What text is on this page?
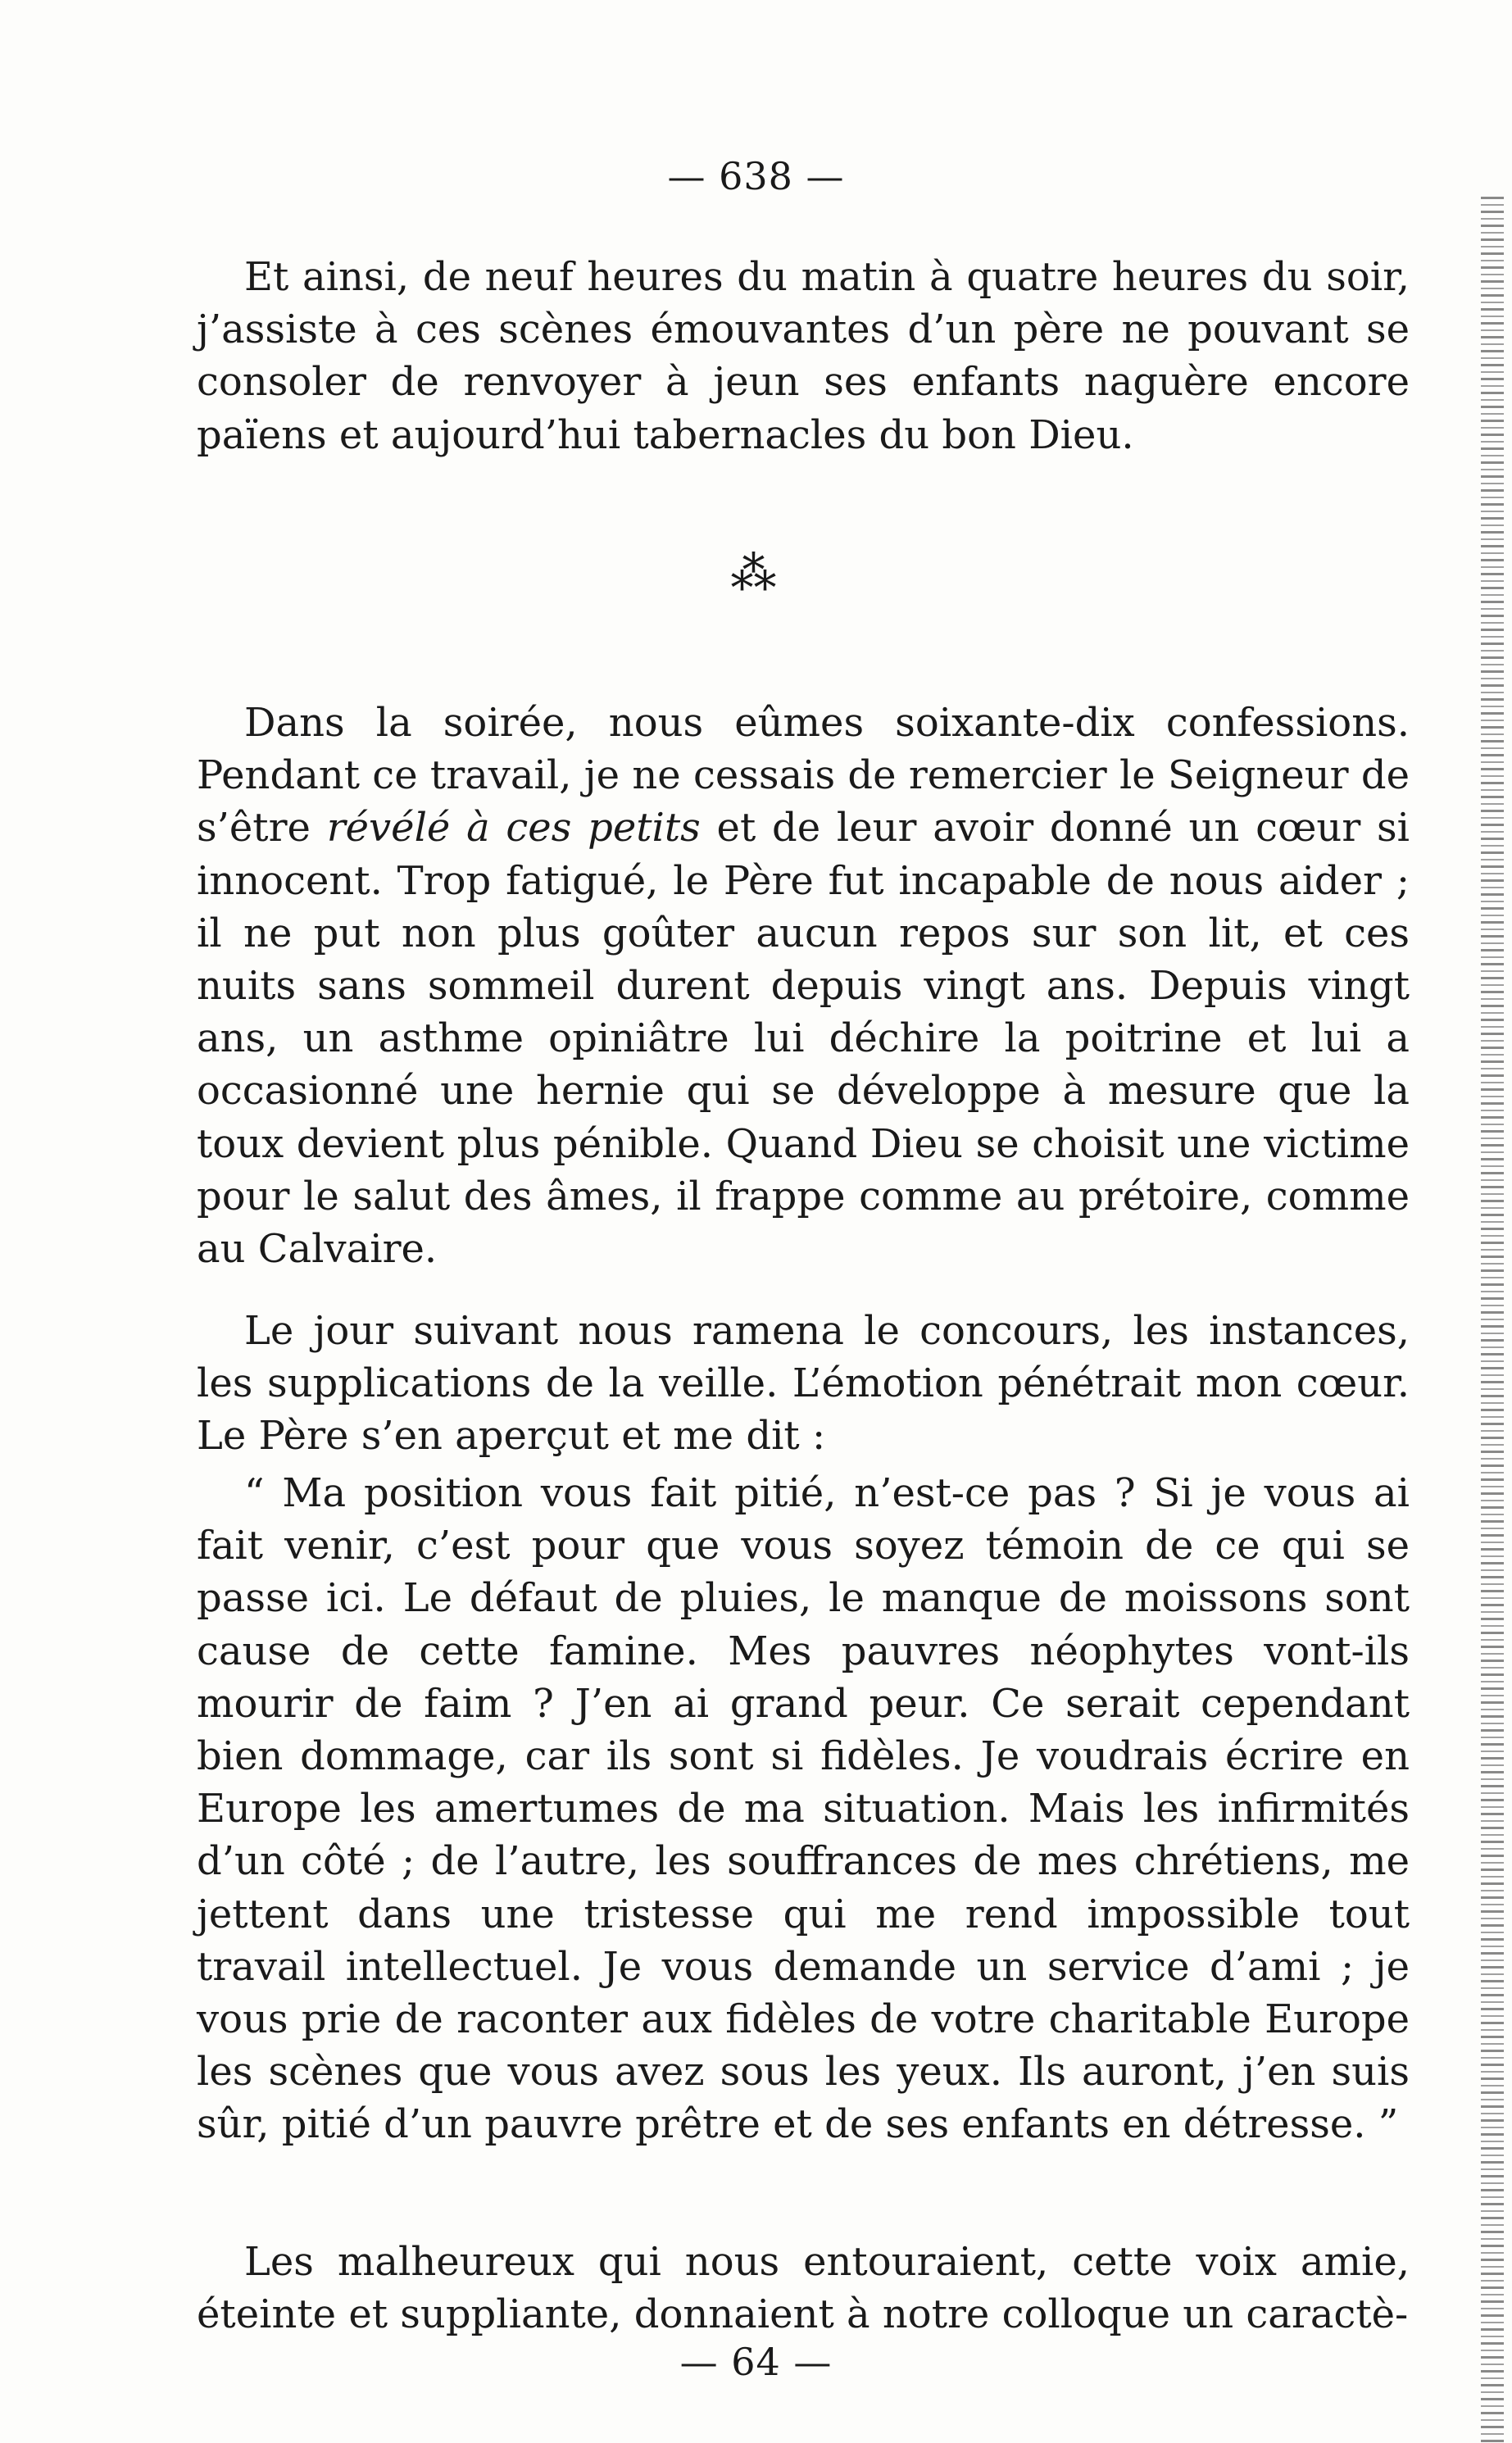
— 638 —

Et ainsi, de neuf heures du matin à quatre heures du soir, j’assiste à ces scènes émouvantes d’un père ne pouvant se consoler de renvoyer à jeun ses enfants naguère encore païens et aujourd’hui tabernacles du bon Dieu.

⁂

Dans la soirée, nous eûmes soixante-dix confessions. Pendant ce travail, je ne cessais de remercier le Seigneur de s’être révélé à ces petits et de leur avoir donné un cœur si innocent. Trop fatigué, le Père fut incapable de nous aider ; il ne put non plus goûter aucun repos sur son lit, et ces nuits sans sommeil durent depuis vingt ans. Depuis vingt ans, un asthme opiniâtre lui déchire la poitrine et lui a occasionné une hernie qui se développe à mesure que la toux devient plus pénible. Quand Dieu se choisit une victime pour le salut des âmes, il frappe comme au prétoire, comme au Calvaire.

Le jour suivant nous ramena le concours, les instances, les supplications de la veille. L’émotion pénétrait mon cœur. Le Père s’en aperçut et me dit :

“ Ma position vous fait pitié, n’est-ce pas ? Si je vous ai fait venir, c’est pour que vous soyez témoin de ce qui se passe ici. Le défaut de pluies, le manque de moissons sont cause de cette famine. Mes pauvres néophytes vont-ils mourir de faim ? J’en ai grand peur. Ce serait cependant bien dommage, car ils sont si fidèles. Je voudrais écrire en Europe les amertumes de ma situation. Mais les infirmités d’un côté ; de l’autre, les souffrances de mes chrétiens, me jettent dans une tristesse qui me rend impossible tout travail intellectuel. Je vous demande un service d’ami ; je vous prie de raconter aux fidèles de votre charitable Europe les scènes que vous avez sous les yeux. Ils auront, j’en suis sûr, pitié d’un pauvre prêtre et de ses enfants en détresse. ”

Les malheureux qui nous entouraient, cette voix amie, éteinte et suppliante, donnaient à notre colloque un caractè-

— 64 —
